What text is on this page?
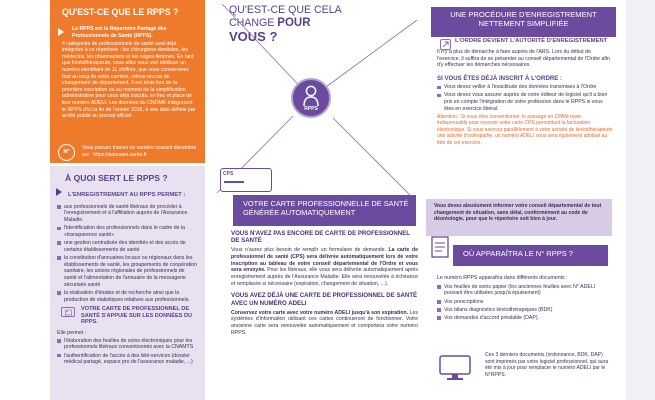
QU'EST-CE QUE LE RPPS ?
Le RPPS est le Répertoire Partagé des Professionnels de Santé (RPPS).
4 catégories de professionnels de santé sont déjà intégrées à ce répertoire : les chirurgiens-dentistes, les médecins, les pharmaciens et les sages-femmes. En tant que kinésithérapeute, vous allez vous voir attribuer un numéro identifiant de 11 chiffres, que vous conserverez tout au long de votre carrière, même en cas de changement de département. Il est émis lors de la première inscription ou au moment de la simplification administrative pour ceux déjà inscrits, en lieu et place de leur numéro ADELI. Les données du CNOMK intégreront le RPPS d'ici la fin de l'année 2016, à une date définie par arrêté publié au journal officiel.
N°
Vous pouvez trouver ce numéro courant décembre sur : https://annuaire.sante.fr
À QUOI SERT LE RPPS ?
L'ENREGISTREMENT AU RPPS PERMET :
aux professionnels de santé libéraux de procéder à l'enregistrement et à l'affiliation auprès de l'Assurance Maladie.
l'identification des professionnels dans le cadre de la «transparence santé»
une gestion centralisée des identités et des accès de certains établissements de santé
la constitution d'annuaires locaux ou régionaux dans les établissements de santé, les groupements de coopération sanitaire, les unions régionales de professionnels de santé et l'alimentation de l'annuaire de la messagerie sécurisée santé
la réalisation d'études et de recherche ainsi que la production de statistiques relatives aux professionnels.
VOTRE CARTE DE PROFESSIONNEL DE SANTÉ S'APPUIE SUR LES DONNÉES DU RPPS.
Elle permet :
l'élaboration des feuilles de soins électroniques pour les professionnels libéraux conventionnés avec la CNAMTS
l'authentification de l'accès à des télé-services (dossier médical partagé, espace pro de l'assurance maladie, ...)
QU'EST-CE QUE CELA
CHANGE POUR
VOUS ?
RPPS
CPS
VOTRE CARTE PROFESSIONNELLE DE SANTÉ GÉNÉRÉE AUTOMATIQUEMENT
VOUS N'AVEZ PAS ENCORE DE CARTE DE PROFESSIONNEL DE SANTÉ
Vous n'aurez plus besoin de remplir un formulaire de demande. La carte de professionnel de santé (CPS) sera délivrée automatiquement lors de votre inscription au tableau de votre conseil départemental de l'Ordre et vous sera envoyée. Pour les libéraux, elle vous sera délivrée automatiquement après enregistrement auprès de l'Assurance Maladie. Elle sera renouvelée à échéance et remplacée si nécessaire (expiration, changement de situation, ...).
VOUS AVEZ DÉJÀ UNE CARTE DE PROFESSIONNEL DE SANTÉ AVEC UN NUMÉRO ADELI
Conservez votre carte avec votre numéro ADELI jusqu'à son expiration. Les systèmes d'information utilisant ces cartes continueront de fonctionner. Votre ancienne carte sera renouvelée automatiquement et comportera votre numéro RPPS.
UNE PROCÉDURE D'ENREGISTREMENT NETTEMENT SIMPLIFIÉE
L'ORDRE DEVIENT L'AUTORITÉ D'ENREGISTREMENT
Il n'y a plus de démarche à faire auprès de l'ARS. Lors du début de l'exercice, il suffira de se présenter au conseil départemental de l'Ordre afin d'y effectuer les démarches nécessaires.
SI VOUS ÊTES DÉJÀ INSCRIT À L'ORDRE :
Vous devez veiller à l'exactitude des données transmises à l'Ordre
Vous devez vous assurer auprès de votre éditeur de logiciel qu'il a bien pris en compte l'intégration de votre profession dans le RPPS si vous êtes en exercice libéral.
Attention : Si vous êtes conventionné, le passage en CPAM reste indispensable pour recevoir votre carte CPS permettant la facturation électronique. Si vous exercez parallèlement à votre activité de kinésithérapeute une activité d'ostéopathe, un numéro ADELI vous sera également attribué au titre de cet exercice.
Vous devez absolument informer votre conseil départemental de tout changement de situation, sans délai, conformément au code de déontologie, pour que le répertoire soit bien à jour.
OÙ APPARAÎTRA LE N° RPPS ?
Le numéro RPPS apparaîtra dans différents documents :
Vos feuilles de soins papier (les anciennes feuilles avec N° ADELI pouvant être utilisées jusqu'à épuisement)
Vos prescriptions
Vos bilans diagnostics kinésithérapiques (BDK)
Vos demandes d'accord préalable (DAP).
Ces 3 derniers documents (ordonnance, BDK, DAP) sont imprimés par votre logiciel professionnel, qui aura été mis à jour pour remplacer le numéro ADELI par le N°RPPS.
